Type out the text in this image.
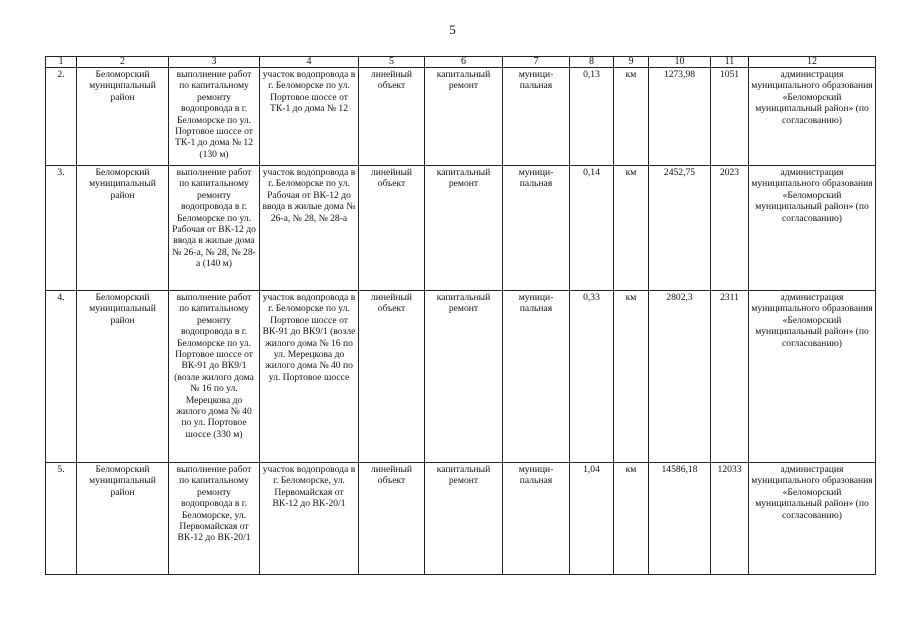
5
1	2	3	4	5	6	7	8	9	10	11	12
2.	Беломорский муниципальный район	выполнение работ по капитальному ремонту водопровода в г. Беломорске по ул. Портовое шоссе от ТК-1 до дома № 12 (130 м)	участок водопровода в г. Беломорске по ул. Портовое шоссе от ТК-1 до дома № 12	линейный объект	капитальный ремонт	муници-пальная	0,13	км	1273,98	1051	администрация муниципального образования «Беломорский муниципальный район» (по согласованию)
3.	Беломорский муниципальный район	выполнение работ по капитальному ремонту водопровода в г. Беломорске по ул. Рабочая от ВК-12 до ввода в жилые дома № 26-а, № 28, № 28-а (140 м)	участок водопровода в г. Беломорске по ул. Рабочая от ВК-12 до ввода в жилые дома № 26-а, № 28, № 28-а	линейный объект	капитальный ремонт	муници-пальная	0,14	км	2452,75	2023	администрация муниципального образования «Беломорский муниципальный район» (по согласованию)
4.	Беломорский муниципальный район	выполнение работ по капитальному ремонту водопровода в г. Беломорске по ул. Портовое шоссе от ВК-91 до ВК9/1 (возле жилого дома № 16 по ул. Мерецкова до жилого дома № 40 по ул. Портовое шоссе (330 м)	участок водопровода в г. Беломорске по ул. Портовое шоссе от ВК-91 до ВК9/1 (возле жилого дома № 16 по ул. Мерецкова до жилого дома № 40 по ул. Портовое шоссе	линейный объект	капитальный ремонт	муници-пальная	0,33	км	2802,3	2311	администрация муниципального образования «Беломорский муниципальный район» (по согласованию)
5.	Беломорский муниципальный район	выполнение работ по капитальному ремонту водопровода в г. Беломорске, ул. Первомайская от ВК-12 до ВК-20/1	участок водопровода в г. Беломорске, ул. Первомайская от ВК-12 до ВК-20/1	линейный объект	капитальный ремонт	муници-пальная	1,04	км	14586,18	12033	администрация муниципального образования «Беломорский муниципальный район» (по согласованию)
